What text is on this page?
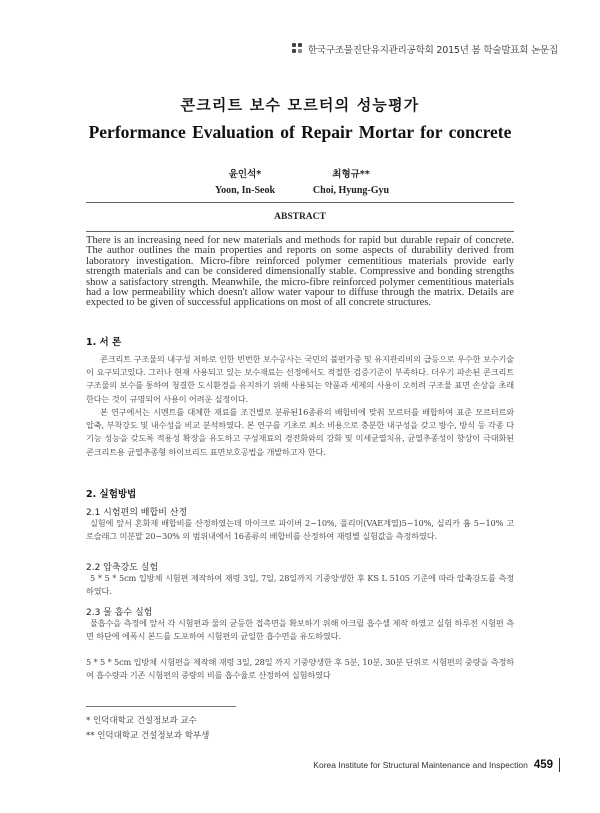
한국구조물진단유지관리공학회 2015년 봄 학술발표회 논문집
콘크리트 보수 모르터의 성능평가
Performance Evaluation of Repair Mortar for concrete
윤인석*
Yoon, In-Seok
최형규**
Choi, Hyung-Gyu
ABSTRACT
There is an increasing need for new materials and methods for rapid but durable repair of concrete. The author outlines the main properties and reports on some aspects of durability derived from laboratory investigation. Micro-fibre reinforced polymer cementitious materials provide early strength materials and can be considered dimensionally stable. Compressive and bonding strengths show a satisfactory strength. Meanwhile, the micro-fibre reinforced polymer cementitious materials had a low permeability which doesn't allow water vapour to diffuse through the matrix. Details are expected to be given of successful applications on most of all concrete structures.
1. 서 론
콘크리트 구조물의 내구성 저하로 인한 빈번한 보수공사는 국민의 불편가중 및 유지관리비의 급등으로 우수한 보수기술이 요구되고있다. 그러나 현재 사용되고 있는 보수재료는 선정에서도 적절한 검증기준이 부족하다. 더우기 파손된 콘크리트 구조물의 보수를 통하여 청결한 도시환경을 유지하기 위해 사용되는 약품과 세제의 사용이 오히려 구조물 표면 손상을 초래한다는 것이 규명되어 사용이 어려운 실정이다.
본 연구에서는 시멘트를 대체한 재료를 조건별로 분류된16종류의 배합비에 맞춰 모르터를 배합하여 표준 모르터르와 압축, 부착강도 및 내수성을 비교 분석하였다. 본 연구를 기초로 최소 비용으로 충분한 내구성을 갖고 방수, 방식 등 각종 다기능 성능을 갖도록 적용성 확장을 유도하고 구성재료의 경전화와의 강화 및 미세균열치유, 균열추종성이 향상이 극대화된 콘크리트용 균열추종형 하이브리드 표면보호공법을 개발하고자 한다.
2. 실험방법
2.1 시험편의 배합비 산정
실험에 앞서 혼화재 배합비를 산정하였는데 마이크로 파이버 2~10%, 폴리머(VAE계열)5~10%, 실리카 흄 5~10% 고로슬래그 미분말 20~30% 의 범위내에서 16종류의 배합비를 산정하여 재령별 실험값을 측정하였다.
2.2 압축강도 실험
5 * 5 * 5cm 입방체 시험편 제작하여 재령 3일, 7일, 28일까지 기중양생한 후 KS L 5105 기준에 따라 압축강도를 측정하였다.
2.3 물 흡수 실험
물흡수을 측정에 앞서 각 시험편과 물의 균등한 접촉면을 확보하기 위해 아크릴 흡수셀 제작 하였고 실험 하루전 시험편 측면 하단에 에폭시 본드를 도포하여 시험편의 균일한 흡수면을 유도하였다.
5 * 5 * 5cm 입방체 시험편을 제작해 재령 3일, 28일 까지 기중양생한 후 5분, 10분, 30분 단위로 시험편의 중량을 측정하여 흡수량과 기존 시험편의 중량의 비를 흡수율로 산정하여 실험하였다
* 인덕대학교 건설정보과 교수
** 인덕대학교 건설정보과 학부생
Korea Institute for Structural Maintenance and Inspection 459
